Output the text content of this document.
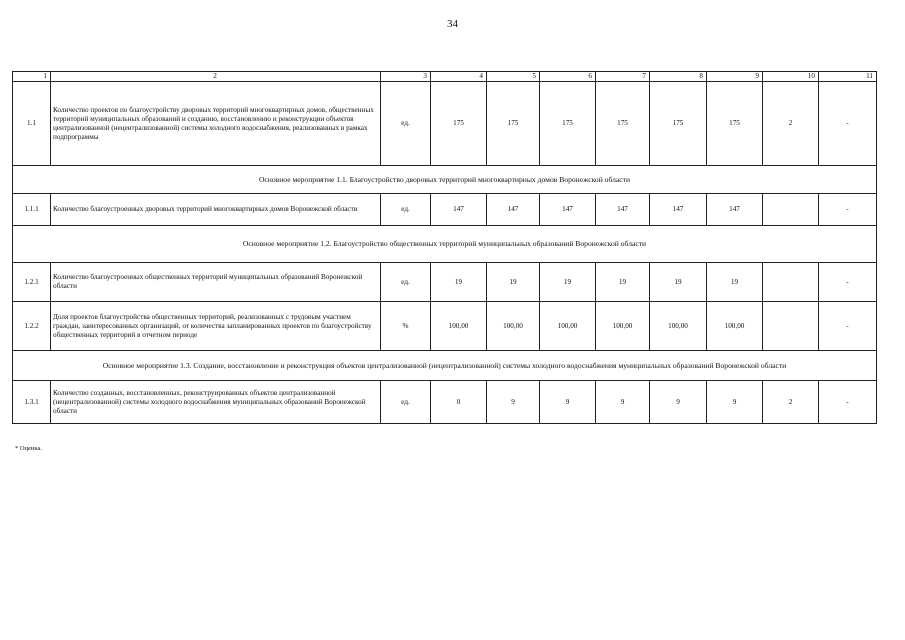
34
1	2	3	4	5	6	7	8	9	10	11
1.1	Количество проектов по благоустройству дворовых территорий многоквартирных домов, общественных территорий муниципальных образований и созданию, восстановлению и реконструкции объектов централизованной (нецентрализованной) системы холодного водоснабжения, реализованных в рамках подпрограммы	ед.	175	175	175	175	175	175	2	-
Основное мероприятие 1.1. Благоустройство дворовых территорий многоквартирных домов Воронежской области										
1.1.1	Количество благоустроенных дворовых территорий многоквартирных домов Воронежской области	ед.	147	147	147	147	147	147		-
Основное мероприятие 1.2. Благоустройство общественных территорий муниципальных образований Воронежской области										
1.2.1	Количество благоустроенных общественных территорий муниципальных образований Воронежской области	ед.	19	19	19	19	19	19		-
1.2.2	Доля проектов благоустройства общественных территорий, реализованных с трудовым участием граждан, заинтересованных организаций, от количества запланированных проектов по благоустройству общественных территорий в отчетном периоде	%	100,00	100,00	100,00	100,00	100,00	100,00		-
Основное мероприятие 1.3. Создание, восстановление и реконструкция объектов централизованной (нецентрализованной) системы холодного водоснабжения муниципальных образований Воронежской области										
1.3.1	Количество созданных, восстановленных, реконструированных объектов централизованной (нецентрализованной) системы холодного водоснабжения муниципальных образований Воронежской области	ед.	0	9	9	9	9	9	2	-
* Оценка.
